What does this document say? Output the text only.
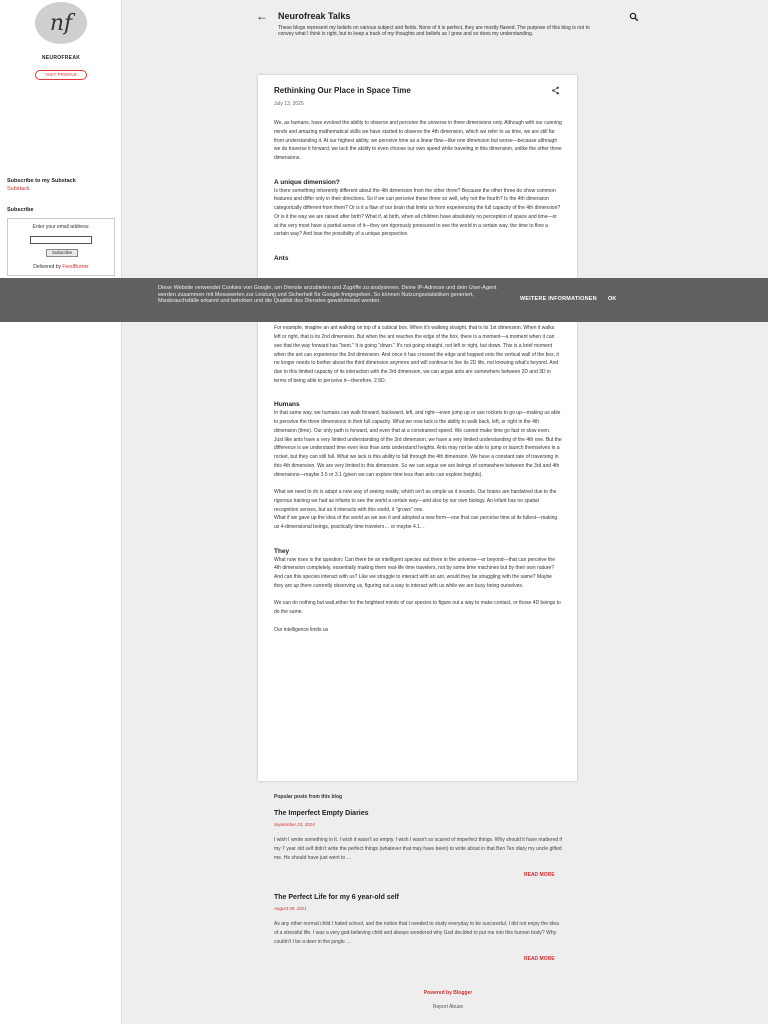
nf
NEUROFREAK
VISIT PROFILE
Subscribe to my Substack
Substack
Subscribe
Enter your email address:
Subscribe
Delivered by FeedBurner
← Neurofreak Talks
These blogs represent my beliefs on various subject and fields. None of it is perfect, they are mostly flawed. The purpose of this blog is not to convey what I think is right, but to keep a track of my thoughts and beliefs as I grow and so does my understanding.
Rethinking Our Place in Space Time
July 13, 2025

We, as humans, have evolved the ability to observe and perceive the universe in three dimensions only. Although with our cunning minds and amazing mathematical skills we have started to observe the 4th dimension, which we refer to as time, we are still far from understanding it. At our highest ability, we perceive time as a linear flow—like one dimension but worse—because although we do traverse it forward, we lack the ability to even choose our own speed while traveling in this dimension, unlike the other three dimensions.

A unique dimension?

Is there something inherently different about the 4th dimension from the other three? Because the other three do show common features and differ only in their directions. So if we can perceive these three so well, why not the fourth? Is the 4th dimension categorically different from them? Or is it a flaw of our brain that limits us from experiencing the full capacity of the 4th dimension? Or is it the way we are raised after birth? What if, at birth, when all children have absolutely no perception of space and time—or at the very most have a partial sense of it—they are rigorously pressured to see the world in a certain way, the time to flow a certain way? And lose the possibility of a unique perspective.

Ants

For example, imagine an ant walking on top of a cubical box. When it's walking straight, that is its 1st dimension. When it walks left or right, that is its 2nd dimension. But when the ant reaches the edge of the box, there is a moment—a moment when it can see that the way forward has "bent." It is going "down." It's not going straight, not left or right, but down. This is a brief moment when the ant can experience the 3rd dimension. And once it has crossed the edge and hopped onto the vertical wall of the box, it no longer needs to bother about the third dimension anymore and will continue to live its 2D life, not knowing what's beyond. And due to this limited capacity of its interaction with the 3rd dimension, we can argue ants are somewhere between 2D and 3D in terms of being able to perceive it—therefore, 2.5D.

Humans

In that same way, we humans can walk forward, backward, left, and right—even jump up or use rockets to go up—making us able to perceive the three dimensions in their full capacity. What we now lack is the ability to walk back, left, or right in the 4th dimension (time). Our only path is forward, and even that at a constrained speed. We cannot make time go fast or slow even.

Just like ants have a very limited understanding of the 3rd dimension, we have a very limited understanding of the 4th one. But the difference is we understand time even less than ants understand heights. Ants may not be able to jump or launch themselves in a rocket, but they can still fall. What we lack is this ability to fall through the 4th dimension. We have a constant rate of traversing in this 4th dimension. We are very limited in this dimension. So we can argue we are beings of somewhere between the 3rd and 4th dimensions—maybe 3.5 or 3.1 (given we can explore time less than ants can explore heights).

What we need to do is adapt a new way of seeing reality, which isn't as simple as it sounds. Our brains are hardwired due to the rigorous training we had as infants to see the world a certain way—and also by our own biology. An infant has no spatial recognition senses, but as it interacts with this world, it "grows" one.

What if we gave up the idea of the world as we see it and adopted a new form—one that can perceive time at its fullest—making us 4-dimensional beings, practically time travelers… or maybe 4.1…

They

What now rises is the question: Can there be an intelligent species out there in the universe—or beyond—that can perceive the 4th dimension completely, essentially making them real-life time travelers, not by some time machines but by their own nature? And can this species interact with us? Like we struggle to interact with an ant, would they be struggling with the same? Maybe they are up there currently observing us, figuring out a way to interact with us while we are busy being ourselves.

We can do nothing but wait,either for the brightest minds of our species to figure out a way to make contact, or those 4D beings to do the same.

Our intelligence limits us

Diese Website verwendet Cookies von Google, um Dienste anzubieten und Zugriffe zu analysieren. Deine IP-Adresse und dein User-Agent werden zusammen mit Messwerten zur Leistung und Sicherheit für Google freigegeben. So können Nutzungsstatistiken generiert, Missbrauchsfälle erkannt und behoben und die Qualität des Dienstes gewährleistet werden.	WEITERE INFORMATIONEN OK
Popular posts from this blog
The Imperfect Empty Diaries
September 23, 2024
I wish I wrote something in it. I wish it wasn't so empty. I wish I wasn't so scared of imperfect things. Why should it have mattered if my 7 year old self didn't write the perfect things (whatever that may have been) to write about in that Ben Ten diary my uncle gifted me. He should have just went to …
READ MORE
The Perfect Life for my 6 year-old self
August 09, 2021
As any other normal child I hated school, and the notion that I needed to study everyday to be successful. I did not enjoy the idea of a stressful life. I was a very god-believing child and always wondered why God decided to put me into this human body? Why couldn't I be a deer in the jungle …
READ MORE
Powered by Blogger
Report Abuse
